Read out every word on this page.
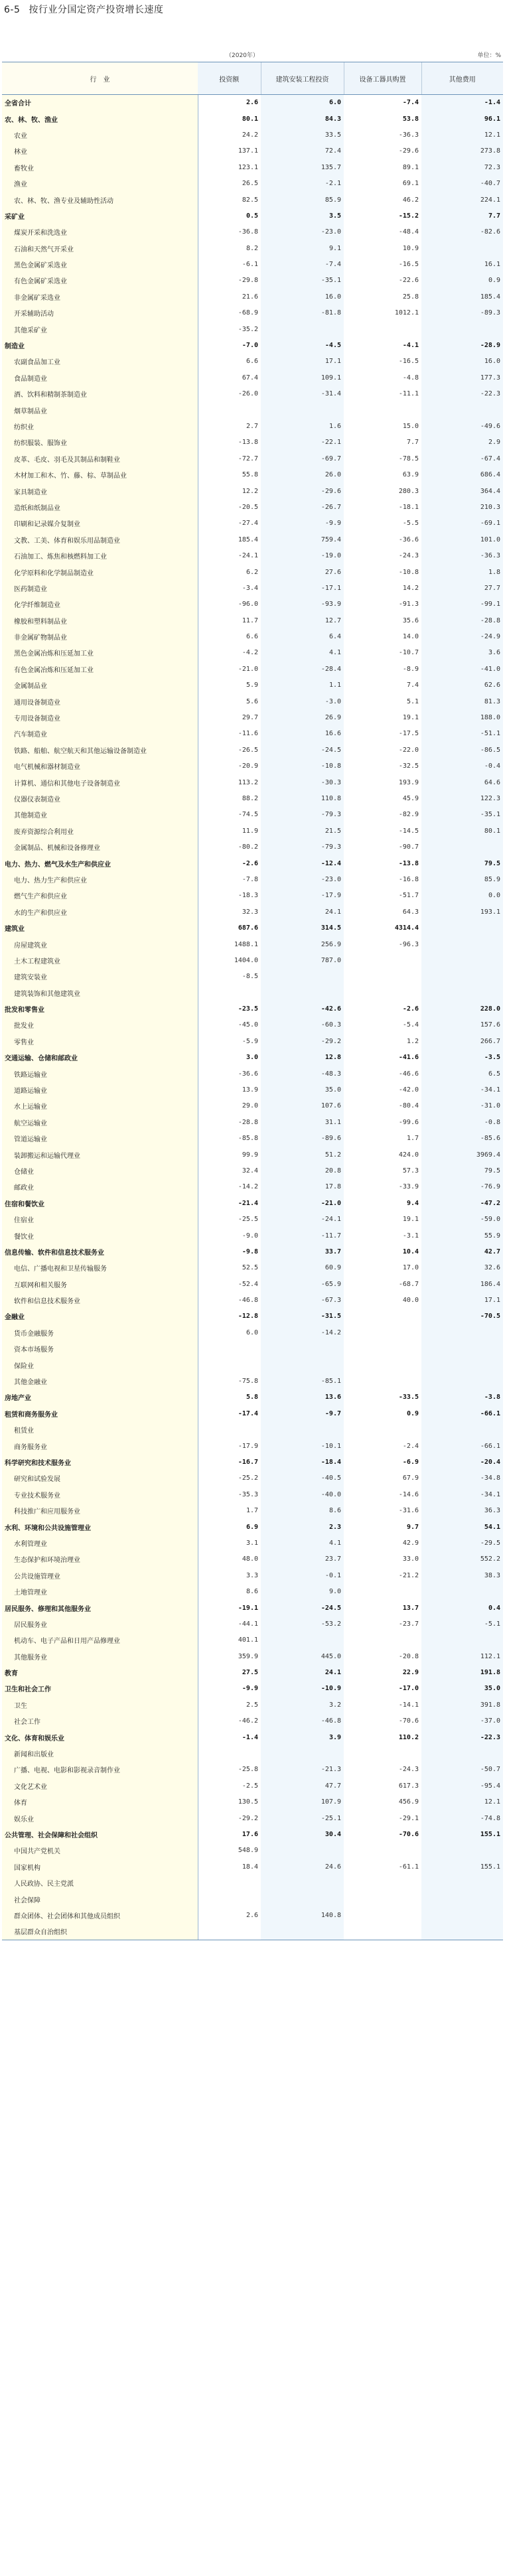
6-5 按行业分国定资产投资增长速度
（2020年）	单位：%
行　业	投资额	建筑安装工程投资	设备工器具购置	其他费用
全省合计	2.6	6.0	-7.4	-1.4
农、林、牧、渔业	80.1	84.3	53.8	96.1
农业	24.2	33.5	-36.3	12.1
林业	137.1	72.4	-29.6	273.8
畜牧业	123.1	135.7	89.1	72.3
渔业	26.5	-2.1	69.1	-40.7
农、林、牧、渔专业及辅助性活动	82.5	85.9	46.2	224.1
采矿业	0.5	3.5	-15.2	7.7
煤炭开采和洗选业	-36.8	-23.0	-48.4	-82.6
石油和天然气开采业	8.2	9.1	10.9	
黑色金属矿采选业	-6.1	-7.4	-16.5	16.1
有色金属矿采选业	-29.8	-35.1	-22.6	0.9
非金属矿采选业	21.6	16.0	25.8	185.4
开采辅助活动	-68.9	-81.8	1012.1	-89.3
其他采矿业	-35.2			
制造业	-7.0	-4.5	-4.1	-28.9
农副食品加工业	6.6	17.1	-16.5	16.0
食品制造业	67.4	109.1	-4.8	177.3
酒、饮料和精制茶制造业	-26.0	-31.4	-11.1	-22.3
烟草制品业				
纺织业	2.7	1.6	15.0	-49.6
纺织服装、服饰业	-13.8	-22.1	7.7	2.9
皮革、毛皮、羽毛及其制品和制鞋业	-72.7	-69.7	-78.5	-67.4
木材加工和木、竹、藤、棕、草制品业	55.8	26.0	63.9	686.4
家具制造业	12.2	-29.6	280.3	364.4
造纸和纸制品业	-20.5	-26.7	-18.1	210.3
印刷和记录媒介复制业	-27.4	-9.9	-5.5	-69.1
文教、工美、体育和娱乐用品制造业	185.4	759.4	-36.6	101.0
石油加工、炼焦和核燃料加工业	-24.1	-19.0	-24.3	-36.3
化学原料和化学制品制造业	6.2	27.6	-10.8	1.8
医药制造业	-3.4	-17.1	14.2	27.7
化学纤维制造业	-96.0	-93.9	-91.3	-99.1
橡胶和塑料制品业	11.7	12.7	35.6	-28.8
非金属矿物制品业	6.6	6.4	14.0	-24.9
黑色金属冶炼和压延加工业	-4.2	4.1	-10.7	3.6
有色金属冶炼和压延加工业	-21.0	-28.4	-8.9	-41.0
金属制品业	5.9	1.1	7.4	62.6
通用设备制造业	5.6	-3.0	5.1	81.3
专用设备制造业	29.7	26.9	19.1	188.0
汽车制造业	-11.6	16.6	-17.5	-51.1
铁路、船舶、航空航天和其他运输设备制造业	-26.5	-24.5	-22.0	-86.5
电气机械和器材制造业	-20.9	-10.8	-32.5	-0.4
计算机、通信和其他电子设备制造业	113.2	-30.3	193.9	64.6
仪器仪表制造业	88.2	110.8	45.9	122.3
其他制造业	-74.5	-79.3	-82.9	-35.1
废弃资源综合利用业	11.9	21.5	-14.5	80.1
金属制品、机械和设备修理业	-80.2	-79.3	-90.7	
电力、热力、燃气及水生产和供应业	-2.6	-12.4	-13.8	79.5
电力、热力生产和供应业	-7.8	-23.0	-16.8	85.9
燃气生产和供应业	-18.3	-17.9	-51.7	0.0
水的生产和供应业	32.3	24.1	64.3	193.1
建筑业	687.6	314.5	4314.4	
房屋建筑业	1488.1	256.9	-96.3	
土木工程建筑业	1404.0	787.0		
建筑安装业	-8.5			
建筑装饰和其他建筑业				
批发和零售业	-23.5	-42.6	-2.6	228.0
批发业	-45.0	-60.3	-5.4	157.6
零售业	-5.9	-29.2	1.2	266.7
交通运输、仓储和邮政业	3.0	12.8	-41.6	-3.5
铁路运输业	-36.6	-48.3	-46.6	6.5
道路运输业	13.9	35.0	-42.0	-34.1
水上运输业	29.0	107.6	-80.4	-31.0
航空运输业	-28.8	31.1	-99.6	-0.8
管道运输业	-85.8	-89.6	1.7	-85.6
装卸搬运和运输代理业	99.9	51.2	424.0	3969.4
仓储业	32.4	20.8	57.3	79.5
邮政业	-14.2	17.8	-33.9	-76.9
住宿和餐饮业	-21.4	-21.0	9.4	-47.2
住宿业	-25.5	-24.1	19.1	-59.0
餐饮业	-9.0	-11.7	-3.1	55.9
信息传输、软件和信息技术服务业	-9.8	33.7	10.4	42.7
电信、广播电视和卫星传输服务	52.5	60.9	17.0	32.6
互联网和相关服务	-52.4	-65.9	-68.7	186.4
软件和信息技术服务业	-46.8	-67.3	40.0	17.1
金融业	-12.8	-31.5		-70.5
货币金融服务	6.0	-14.2		
资本市场服务				
保险业				
其他金融业	-75.8	-85.1		
房地产业	5.8	13.6	-33.5	-3.8
租赁和商务服务业	-17.4	-9.7	0.9	-66.1
租赁业				
商务服务业	-17.9	-10.1	-2.4	-66.1
科学研究和技术服务业	-16.7	-18.4	-6.9	-20.4
研究和试验发展	-25.2	-40.5	67.9	-34.8
专业技术服务业	-35.3	-40.0	-14.6	-34.1
科技推广和应用服务业	1.7	8.6	-31.6	36.3
水利、环境和公共设施管理业	6.9	2.3	9.7	54.1
水利管理业	3.1	4.1	42.9	-29.5
生态保护和环境治理业	48.0	23.7	33.0	552.2
公共设施管理业	3.3	-0.1	-21.2	38.3
土地管理业	8.6	9.0		
居民服务、修理和其他服务业	-19.1	-24.5	13.7	0.4
居民服务业	-44.1	-53.2	-23.7	-5.1
机动车、电子产品和日用产品修理业	401.1			
其他服务业	359.9	445.0	-20.8	112.1
教育	27.5	24.1	22.9	191.8
卫生和社会工作	-9.9	-10.9	-17.0	35.0
卫生	2.5	3.2	-14.1	391.8
社会工作	-46.2	-46.8	-70.6	-37.0
文化、体育和娱乐业	-1.4	3.9	110.2	-22.3
新闻和出版业				
广播、电视、电影和影视录音制作业	-25.8	-21.3	-24.3	-50.7
文化艺术业	-2.5	47.7	617.3	-95.4
体育	130.5	107.9	456.9	12.1
娱乐业	-29.2	-25.1	-29.1	-74.8
公共管理、社会保障和社会组织	17.6	30.4	-70.6	155.1
中国共产党机关	548.9			
国家机构	18.4	24.6	-61.1	155.1
人民政协、民主党派				
社会保障				
群众团体、社会团体和其他成员组织	2.6	140.8		
基层群众自治组织				
